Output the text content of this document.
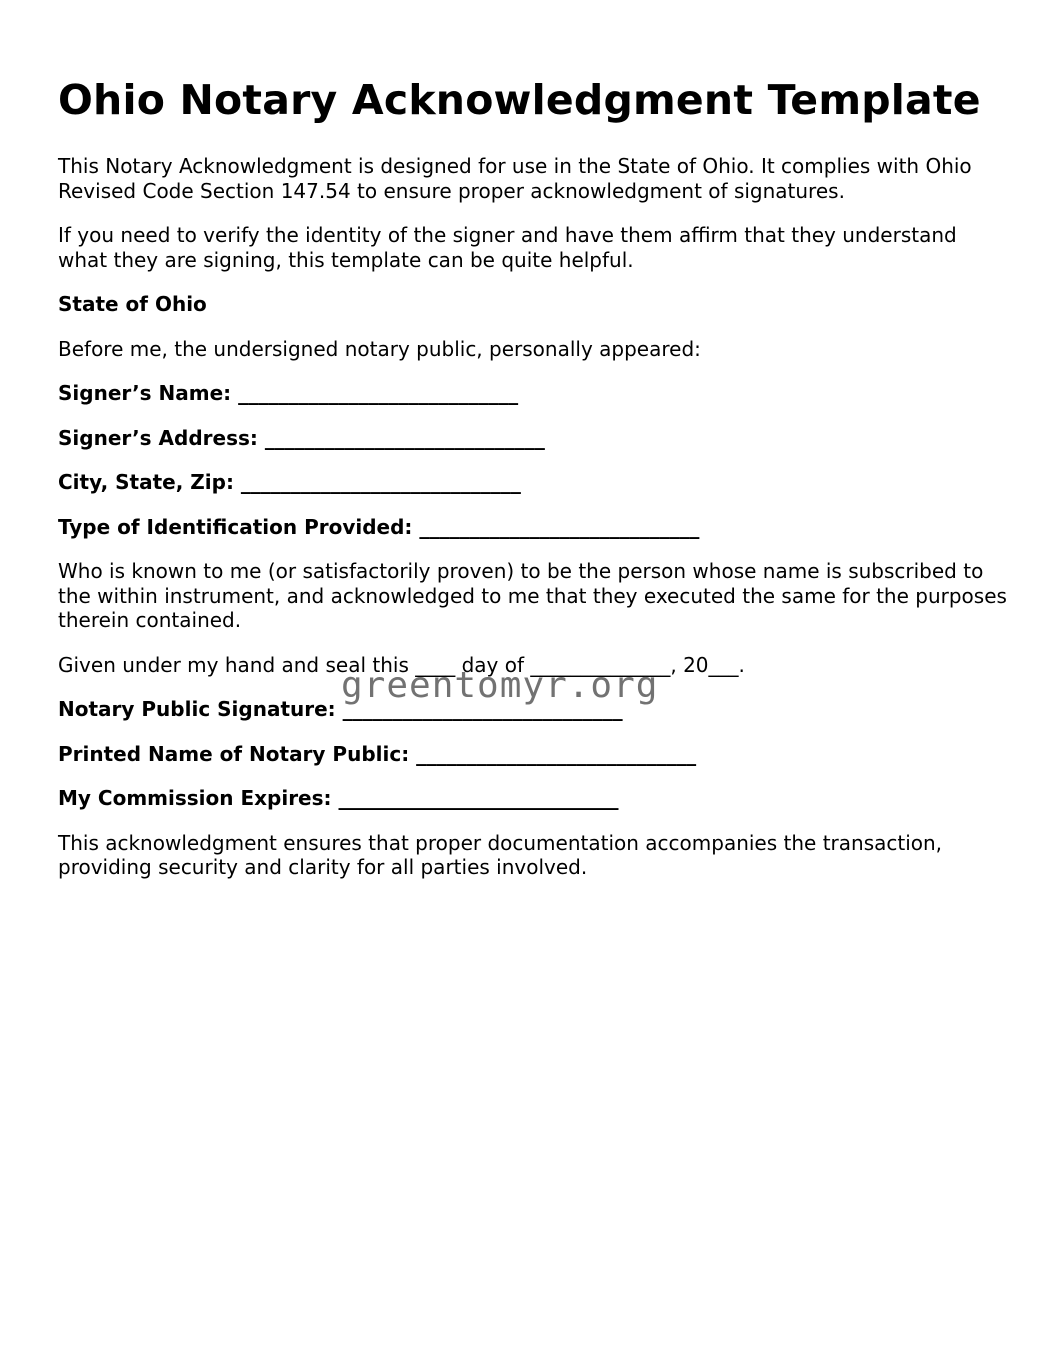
Ohio Notary Acknowledgment Template

This Notary Acknowledgment is designed for use in the State of Ohio. It complies with Ohio Revised Code Section 147.54 to ensure proper acknowledgment of signatures.

If you need to verify the identity of the signer and have them affirm that they understand what they are signing, this template can be quite helpful.

State of Ohio

Before me, the undersigned notary public, personally appeared:

Signer’s Name: ____________________________

Signer’s Address: ____________________________

City, State, Zip: ____________________________

Type of Identification Provided: ____________________________

Who is known to me (or satisfactorily proven) to be the person whose name is subscribed to the within instrument, and acknowledged to me that they executed the same for the purposes therein contained.

Given under my hand and seal this ____ day of ______________, 20___.

Notary Public Signature: ____________________________

Printed Name of Notary Public: ____________________________

My Commission Expires: ____________________________

This acknowledgment ensures that proper documentation accompanies the transaction, providing security and clarity for all parties involved.

greentomyr.org
